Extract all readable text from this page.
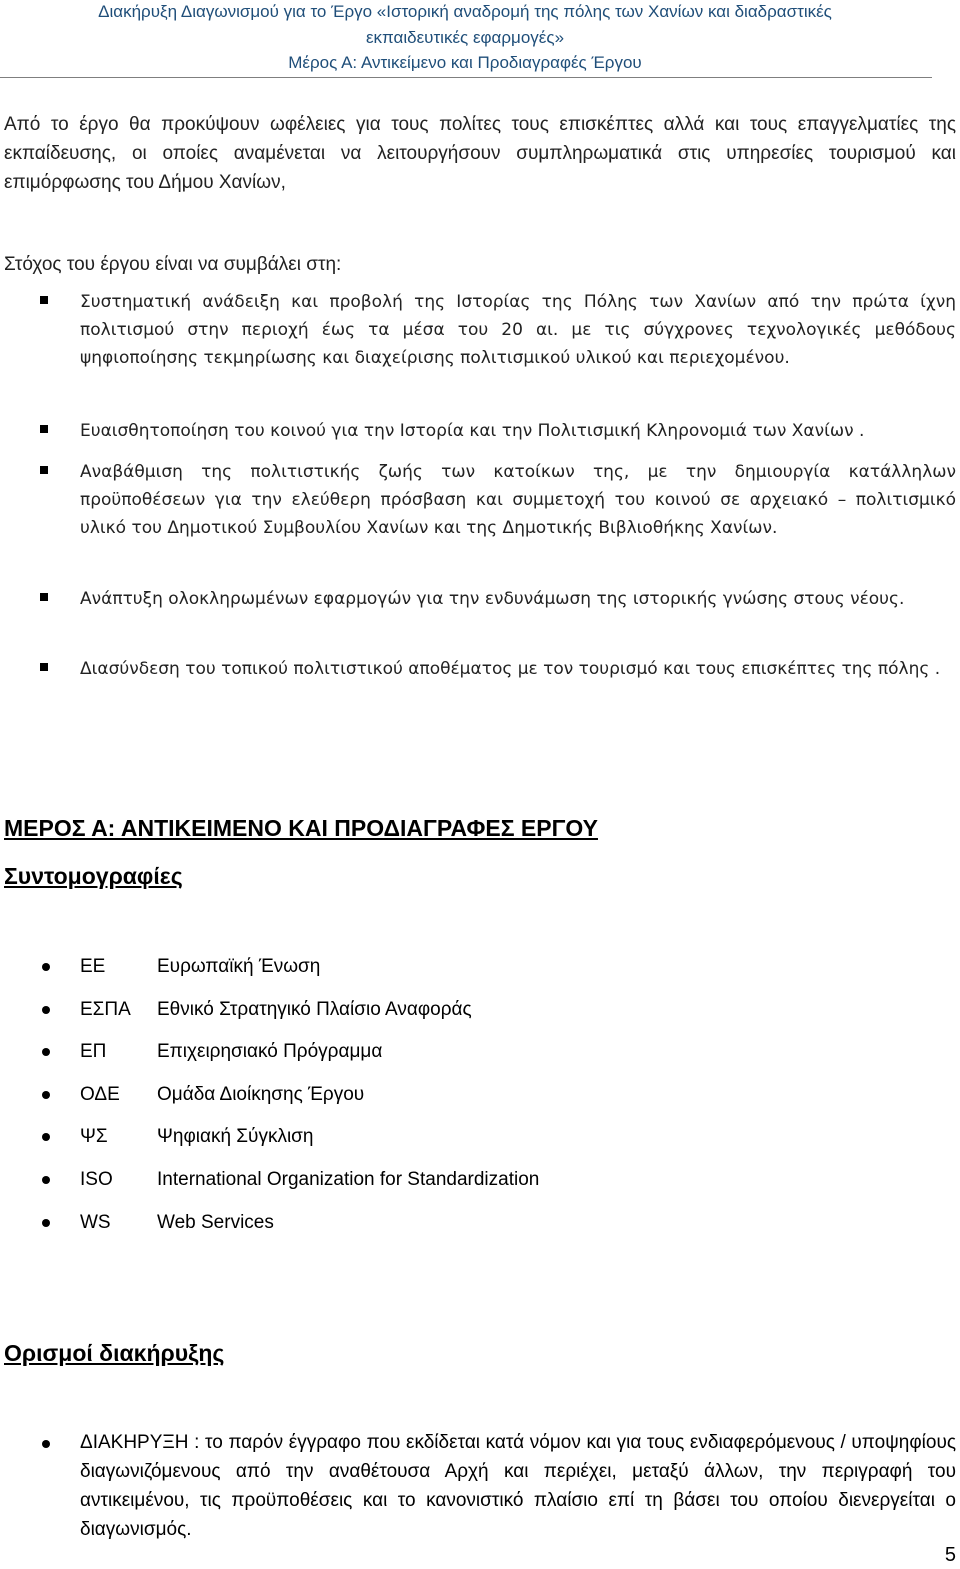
Διακήρυξη Διαγωνισμού για το Έργο «Ιστορική αναδρομή της πόλης των Χανίων και διαδραστικές
εκπαιδευτικές εφαρμογές»
Μέρος Α: Αντικείμενο και Προδιαγραφές Έργου
Από το έργο θα προκύψουν ωφέλειες για τους πολίτες τους επισκέπτες αλλά και τους επαγγελματίες της εκπαίδευσης, οι οποίες αναμένεται να λειτουργήσουν συμπληρωματικά στις υπηρεσίες τουρισμού και επιμόρφωσης του Δήμου Χανίων,
Στόχος του έργου είναι να συμβάλει στη:
Συστηματική ανάδειξη και προβολή της Ιστορίας της Πόλης των Χανίων από την πρώτα ίχνη πολιτισμού στην περιοχή έως τα μέσα του 20 αι. με τις σύγχρονες τεχνολογικές μεθόδους ψηφιοποίησης τεκμηρίωσης και διαχείρισης πολιτισμικού υλικού και περιεχομένου.
Ευαισθητοποίηση του κοινού για την Ιστορία και την Πολιτισμική Κληρονομιά των Χανίων .
Αναβάθμιση της πολιτιστικής ζωής των κατοίκων της, με την δημιουργία κατάλληλων προϋποθέσεων για την ελεύθερη πρόσβαση και συμμετοχή του κοινού σε αρχειακό – πολιτισμικό υλικό του Δημοτικού Συμβουλίου Χανίων και της Δημοτικής Βιβλιοθήκης Χανίων.
Ανάπτυξη ολοκληρωμένων εφαρμογών για την ενδυνάμωση της ιστορικής γνώσης στους νέους.
Διασύνδεση του τοπικού πολιτιστικού αποθέματος με τον τουρισμό και τους επισκέπτες της πόλης .
ΜΕΡΟΣ Α: ΑΝΤΙΚΕΙΜΕΝΟ ΚΑΙ ΠΡΟΔΙΑΓΡΑΦΕΣ ΕΡΓΟΥ
Συντομογραφίες
ΕΕ	Ευρωπαϊκή Ένωση
ΕΣΠΑ Εθνικό Στρατηγικό Πλαίσιο Αναφοράς
ΕΠ	Επιχειρησιακό Πρόγραμμα
ΟΔΕ Ομάδα Διοίκησης Έργου
ΨΣ	Ψηφιακή Σύγκλιση
ISO International Organization for Standardization
WS Web Services
Ορισμοί διακήρυξης
ΔΙΑΚΗΡΥΞΗ : το παρόν έγγραφο που εκδίδεται κατά νόμον και για τους ενδιαφερόμενους / υποψηφίους διαγωνιζόμενους από την αναθέτουσα Αρχή και περιέχει, μεταξύ άλλων, την περιγραφή του αντικειμένου, τις προϋποθέσεις και το κανονιστικό πλαίσιο επί τη βάσει του οποίου διενεργείται ο διαγωνισμός.
5
